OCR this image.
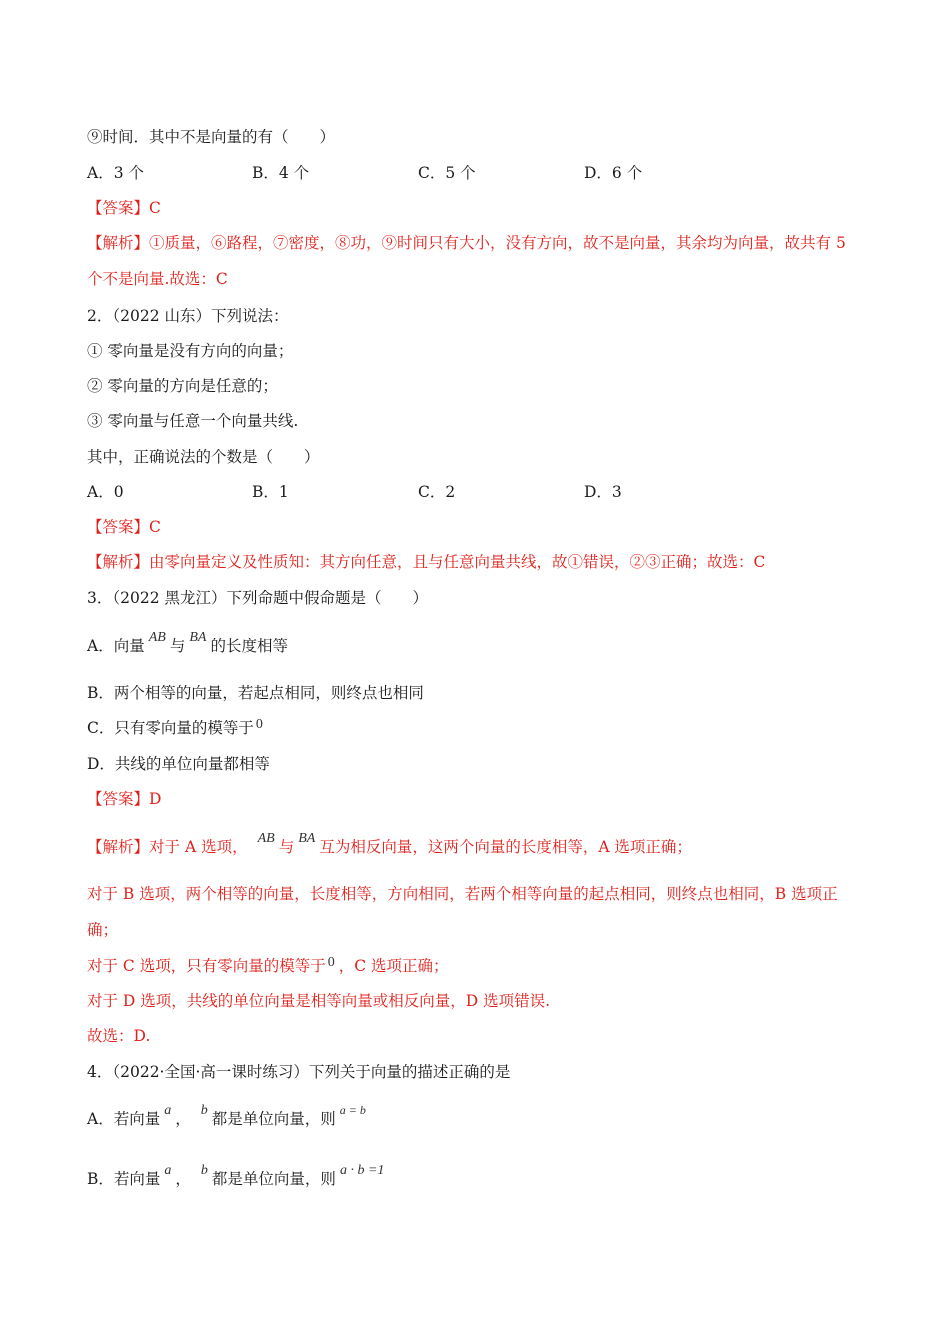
⑨时间．其中不是向量的有（　　）
A．3 个	B．4 个	C．5 个	D．6 个
【答案】C
【解析】①质量，⑥路程，⑦密度，⑧功，⑨时间只有大小，没有方向，故不是向量，其余均为向量，故共有 5 个不是向量.故选：C
2．（2022 山东）下列说法：
① 零向量是没有方向的向量；
② 零向量的方向是任意的；
③ 零向量与任意一个向量共线.
其中，正确说法的个数是（　　）
A．0	B．1	C．2	D．3
【答案】C
【解析】由零向量定义及性质知：其方向任意，且与任意向量共线，故①错误，②③正确；故选：C
3．（2022 黑龙江）下列命题中假命题是（　　）
A．向量 AB 与 BA 的长度相等
B．两个相等的向量，若起点相同，则终点也相同
C．只有零向量的模等于 0
D．共线的单位向量都相等
【答案】D
【解析】对于 A 选项， AB 与 BA 互为相反向量，这两个向量的长度相等，A 选项正确；
对于 B 选项，两个相等的向量，长度相等，方向相同，若两个相等向量的起点相同，则终点也相同，B 选项正确；
对于 C 选项，只有零向量的模等于 0 ，C 选项正确；
对于 D 选项，共线的单位向量是相等向量或相反向量，D 选项错误.
故选：D.
4．（2022·全国·高一课时练习）下列关于向量的描述正确的是
A．若向量 a ， b 都是单位向量，则 $^{a = b}$
B．若向量 a ， b 都是单位向量，则 a · b =1
